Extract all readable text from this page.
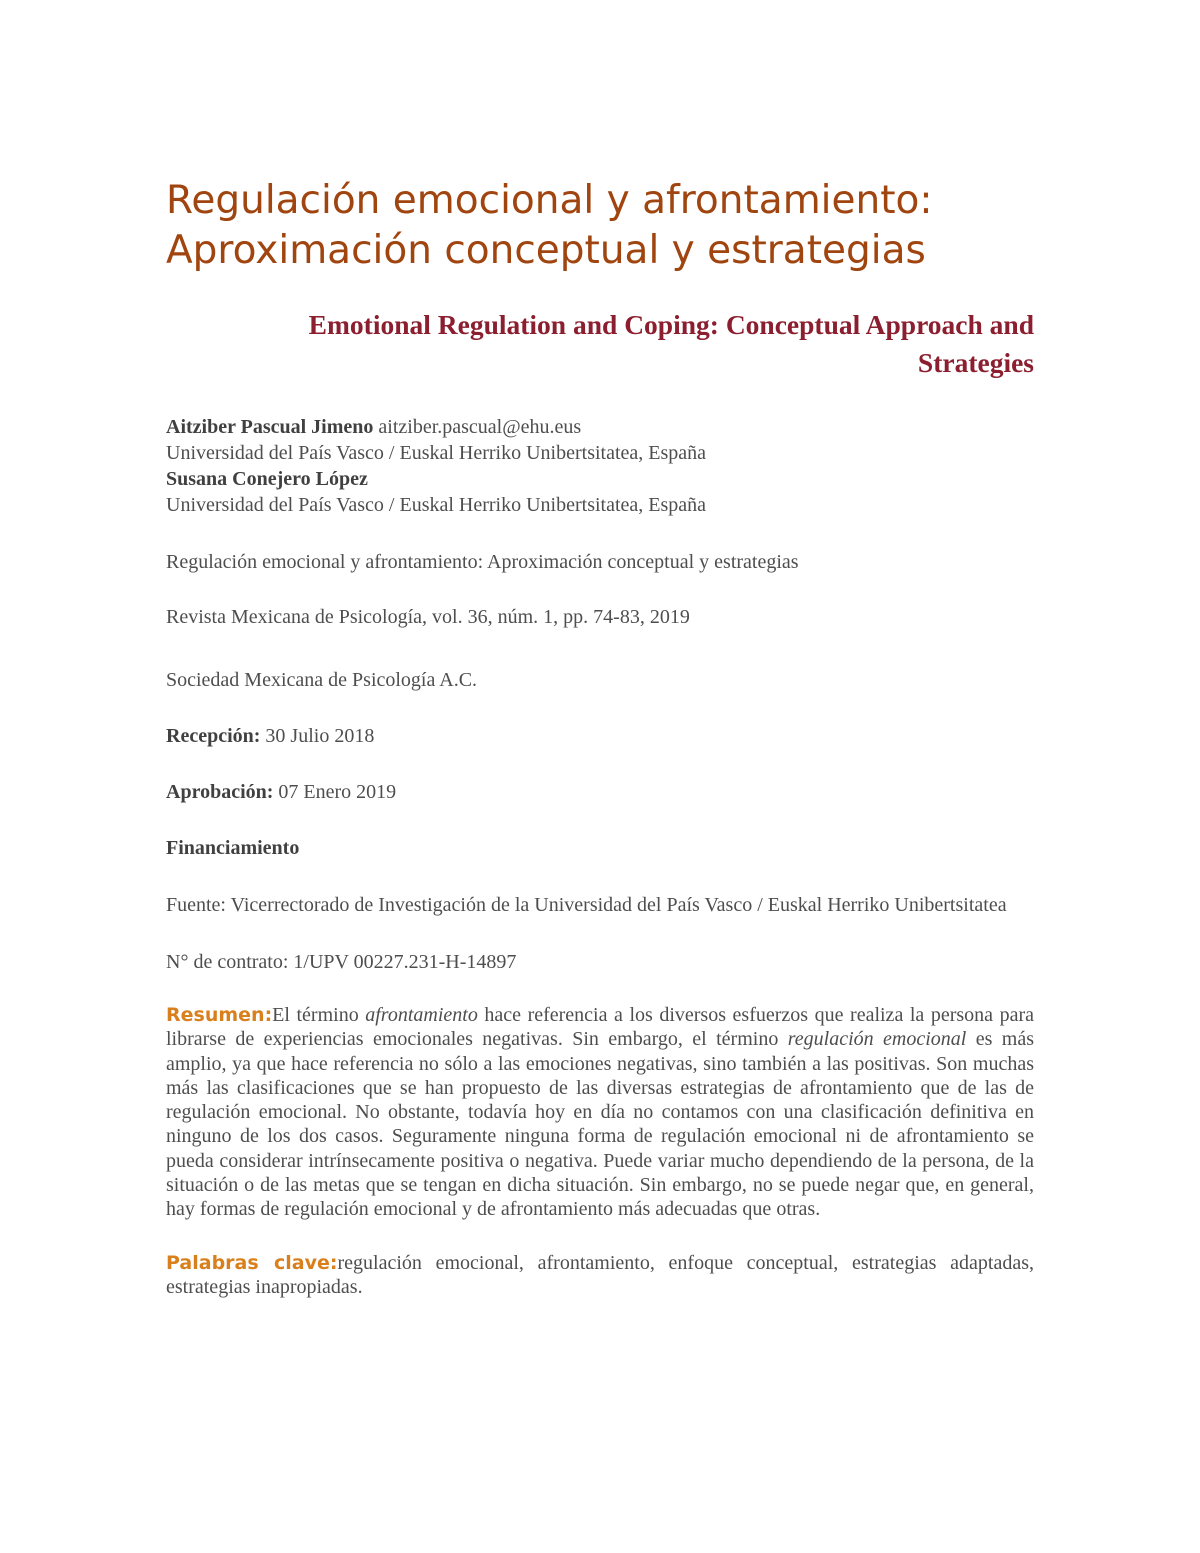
Regulación emocional y afrontamiento:
Aproximación conceptual y estrategias
Emotional Regulation and Coping: Conceptual Approach and
Strategies

Aitziber Pascual Jimeno aitziber.pascual@ehu.eus

Universidad del País Vasco / Euskal Herriko Unibertsitatea, España

Susana Conejero López

Universidad del País Vasco / Euskal Herriko Unibertsitatea, España

Regulación emocional y afrontamiento: Aproximación conceptual y estrategias

Revista Mexicana de Psicología, vol. 36, núm. 1, pp. 74-83, 2019

Sociedad Mexicana de Psicología A.C.

Recepción: 30 Julio 2018

Aprobación: 07 Enero 2019

Financiamiento

Fuente: Vicerrectorado de Investigación de la Universidad del País Vasco / Euskal Herriko Unibertsitatea

N° de contrato: 1/UPV 00227.231-H-14897

Resumen:El término afrontamiento hace referencia a los diversos esfuerzos que realiza la persona para librarse de experiencias emocionales negativas. Sin embargo, el término regulación emocional es más amplio, ya que hace referencia no sólo a las emociones negativas, sino también a las positivas. Son muchas más las clasificaciones que se han propuesto de las diversas estrategias de afrontamiento que de las de regulación emocional. No obstante, todavía hoy en día no contamos con una clasificación definitiva en ninguno de los dos casos. Seguramente ninguna forma de regulación emocional ni de afrontamiento se pueda considerar intrínsecamente positiva o negativa. Puede variar mucho dependiendo de la persona, de la situación o de las metas que se tengan en dicha situación. Sin embargo, no se puede negar que, en general, hay formas de regulación emocional y de afrontamiento más adecuadas que otras.

Palabras clave:regulación emocional, afrontamiento, enfoque conceptual, estrategias adaptadas, estrategias inapropiadas.
